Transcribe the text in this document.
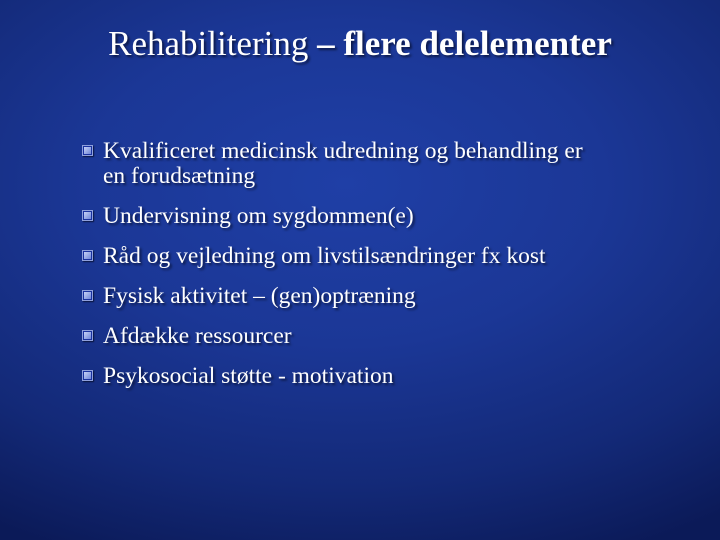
Rehabilitering – flere delelementer
Kvalificeret medicinsk udredning og behandling er
en forudsætning
Undervisning om sygdommen(e)
Råd og vejledning om livstilsændringer fx kost
Fysisk aktivitet – (gen)optræning
Afdække ressourcer
Psykosocial støtte - motivation
